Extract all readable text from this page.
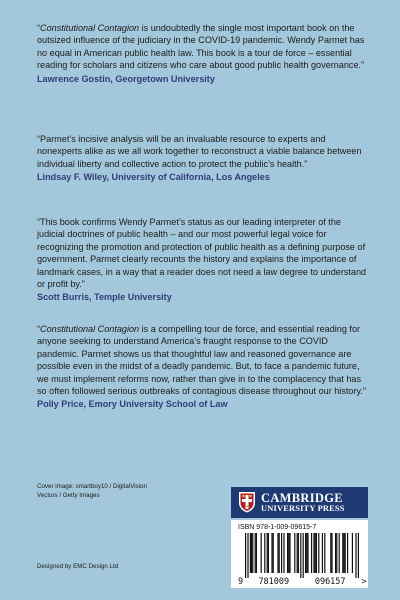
“Constitutional Contagion is undoubtedly the single most important book on the outsized influence of the judiciary in the COVID-19 pandemic. Wendy Parmet has no equal in American public health law. This book is a tour de force – essential reading for scholars and citizens who care about good public health governance.”

Lawrence Gostin, Georgetown University

“Parmet’s incisive analysis will be an invaluable resource to experts and nonexperts alike as we all work together to reconstruct a viable balance between individual liberty and collective action to protect the public’s health.”

Lindsay F. Wiley, University of California, Los Angeles

“This book confirms Wendy Parmet’s status as our leading interpreter of the judicial doctrines of public health – and our most powerful legal voice for recognizing the promotion and protection of public health as a defining purpose of government. Parmet clearly recounts the history and explains the importance of landmark cases, in a way that a reader does not need a law degree to understand or profit by.”

Scott Burris, Temple University

“Constitutional Contagion is a compelling tour de force, and essential reading for anyone seeking to understand America’s fraught response to the COVID pandemic. Parmet shows us that thoughtful law and reasoned governance are possible even in the midst of a deadly pandemic. But, to face a pandemic future, we must implement reforms now, rather than give in to the complacency that has so often followed serious outbreaks of contagious disease throughout our history.”

Polly Price, Emory University School of Law

Cover image: smartboy10 / DigitalVision Vectors / Getty Images
Designed by EMC Design Ltd
CAMBRIDGE
UNIVERSITY PRESS
ISBN 978-1-009-09615-7
9 781009	096157 >
